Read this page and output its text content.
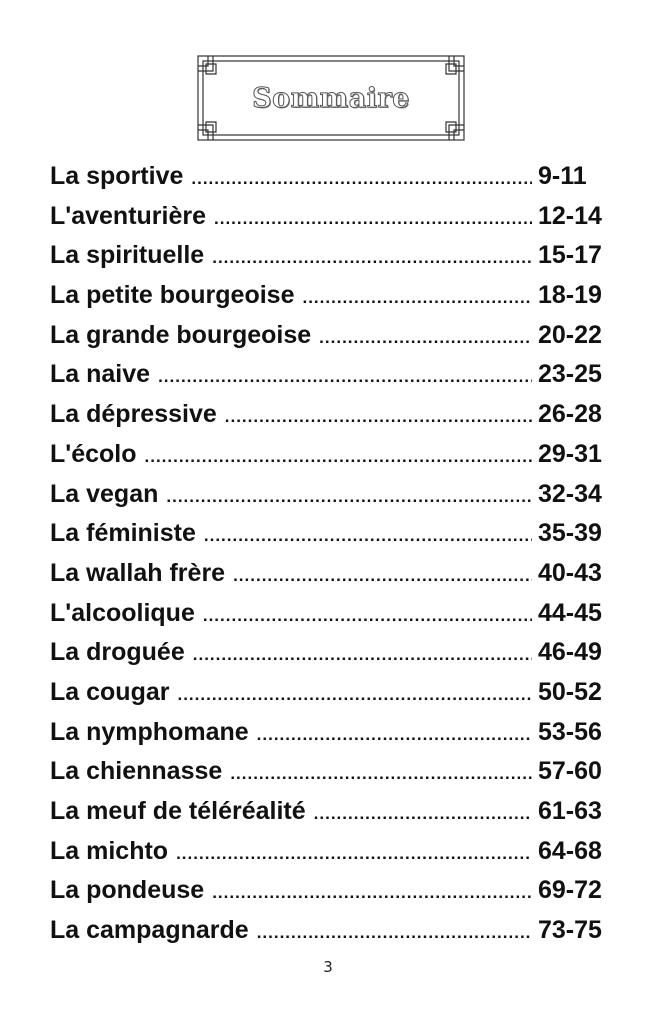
Sommaire
La sportive .....	9-11
L'aventurière .....	12-14
La spirituelle .....	15-17
La petite bourgeoise .....	18-19
La grande bourgeoise .....	20-22
La naive .....	23-25
La dépressive .....	26-28
L'écolo .....	29-31
La vegan .....	32-34
La féministe .....	35-39
La wallah frère .....	40-43
L'alcoolique .....	44-45
La droguée .....	46-49
La cougar .....	50-52
La nymphomane .....	53-56
La chiennasse .....	57-60
La meuf de téléréalité .....	61-63
La michto .....	64-68
La pondeuse .....	69-72
La campagnarde .....	73-75
3
